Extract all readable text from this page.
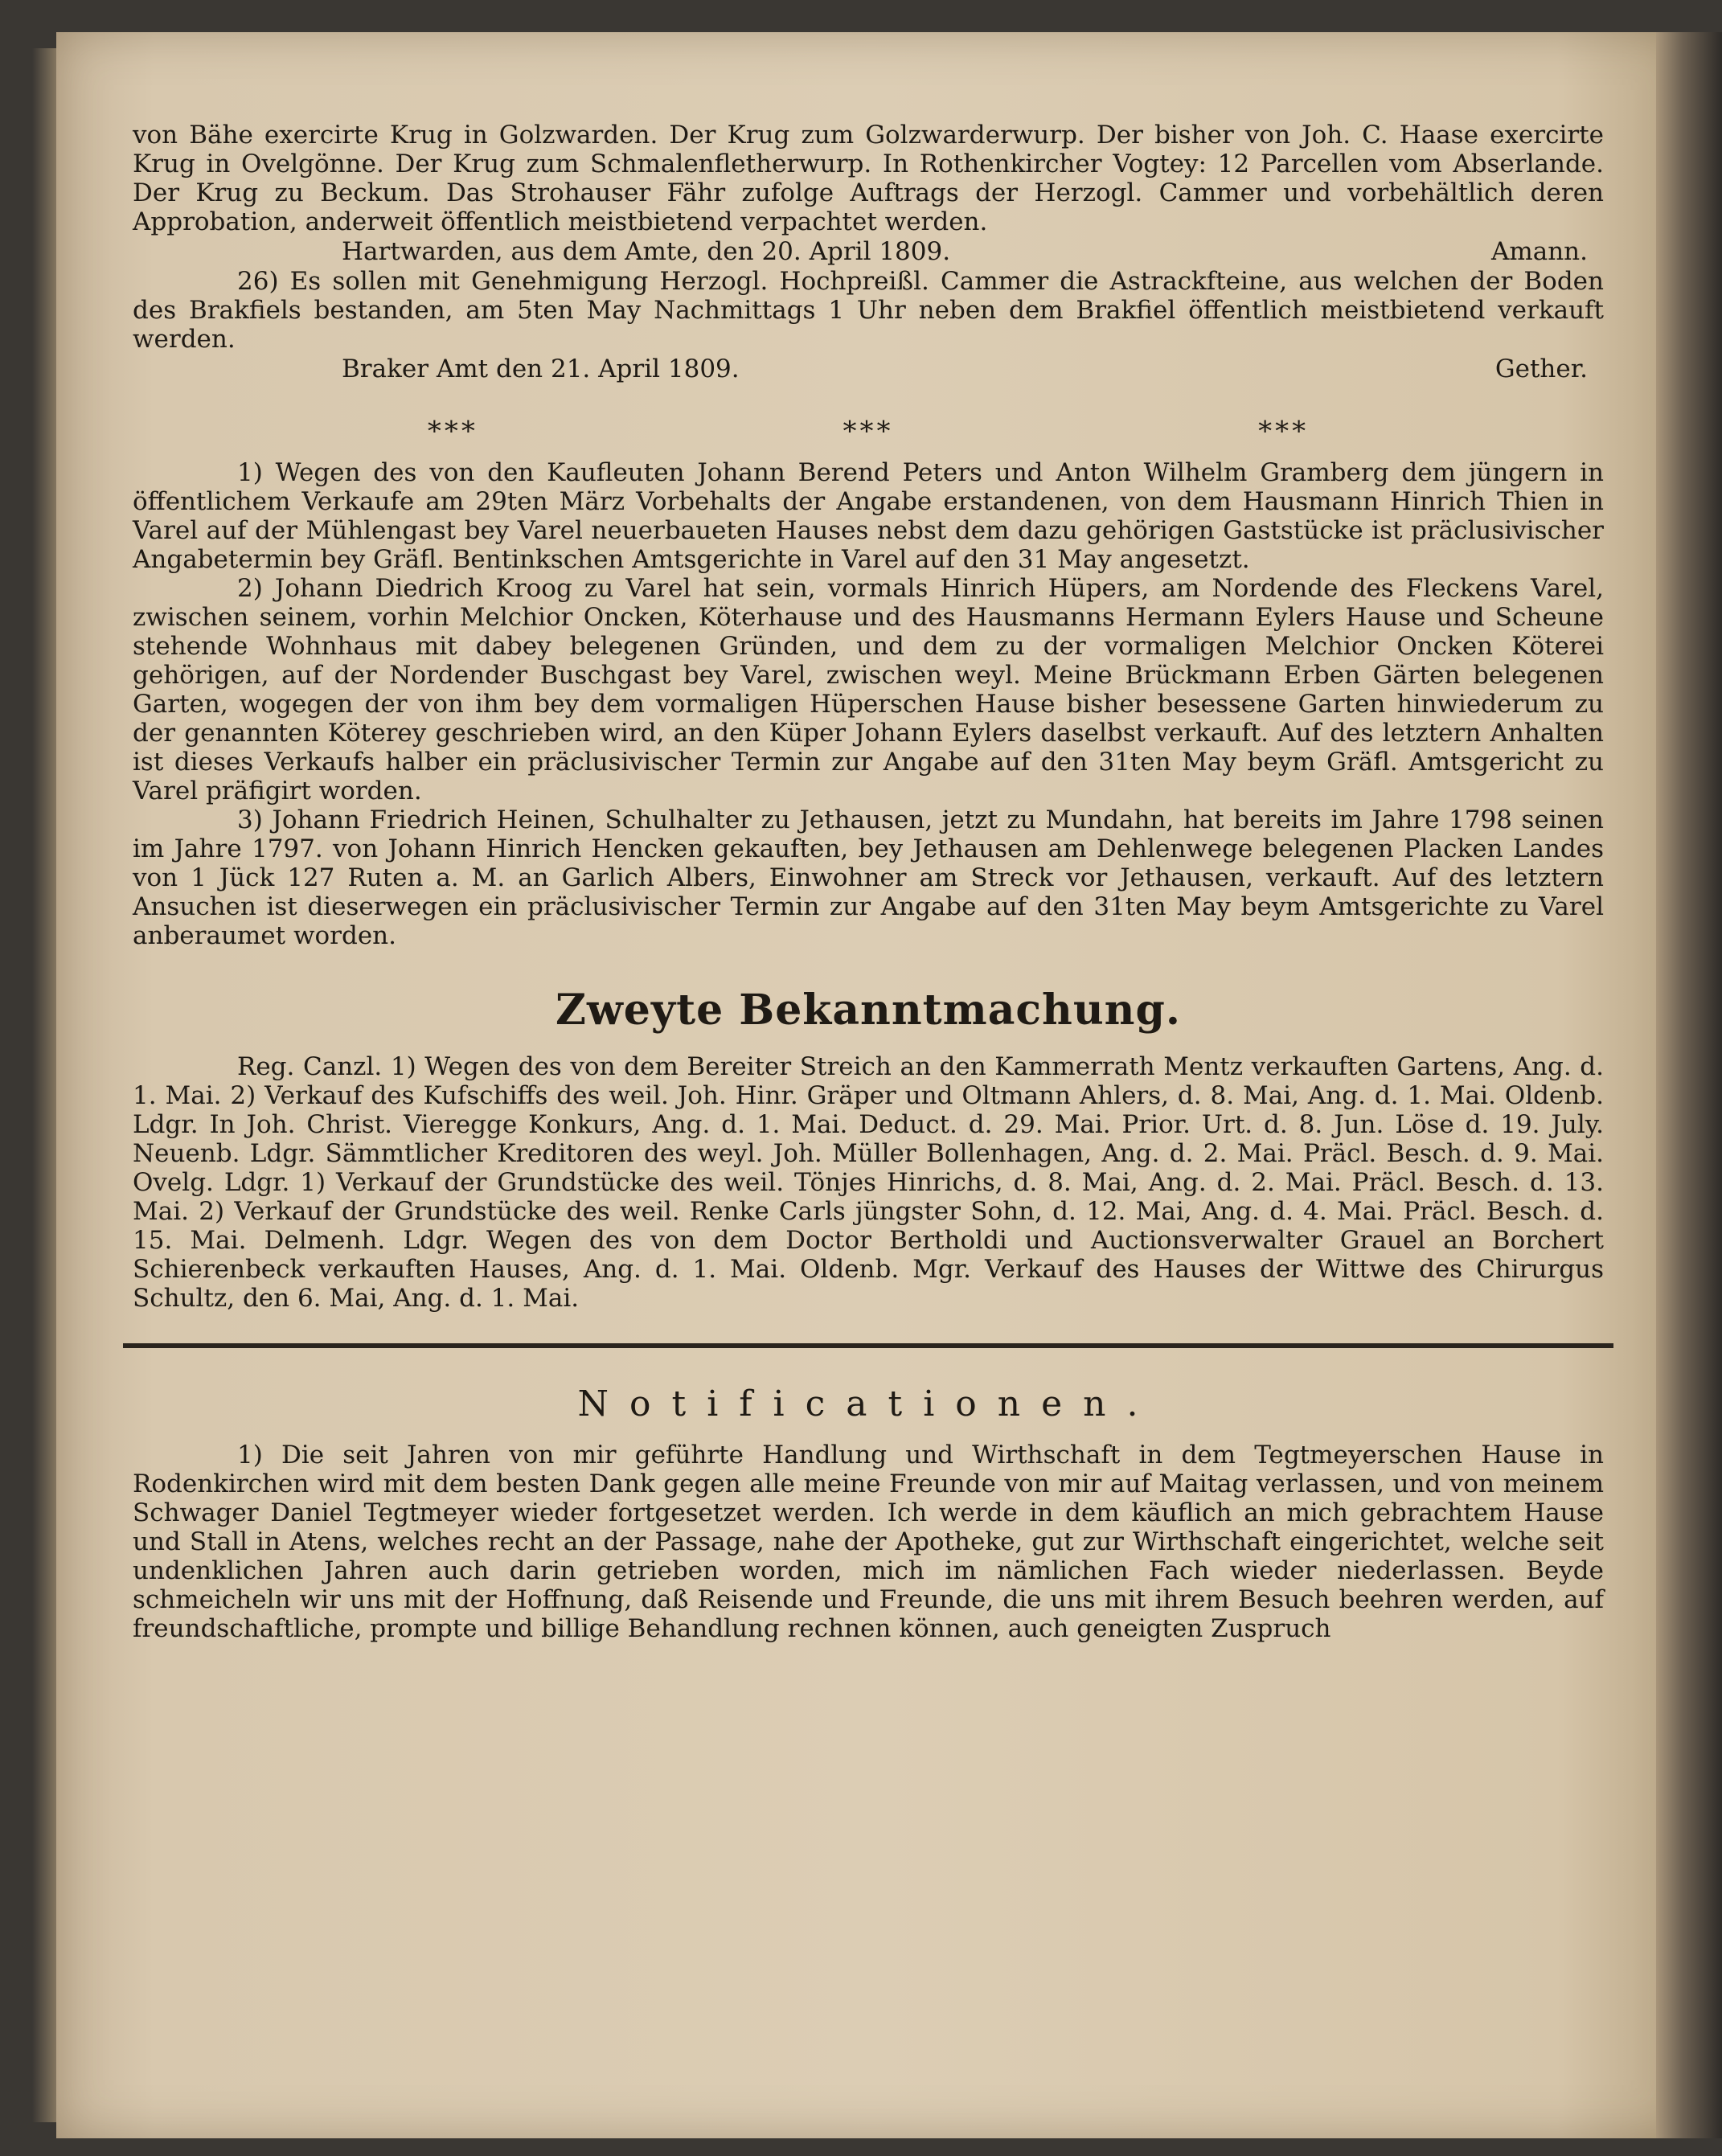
von Bähe exercirte Krug in Golzwarden. Der Krug zum Golzwarderwurp. Der bisher von Joh. C. Haase exercirte Krug in Ovelgönne. Der Krug zum Schmalenfletherwurp. In Rothenkircher Vogtey: 12 Parcellen vom Abserlande. Der Krug zu Beckum. Das Strohauser Fähr zufolge Auftrags der Herzogl. Cammer und vorbehältlich deren Approbation, anderweit öffentlich meistbietend verpachtet werden.

Hartwarden, aus dem Amte, den 20. April 1809.	Amann.

26) Es sollen mit Genehmigung Herzogl. Hochpreißl. Cammer die Astrackfteine, aus welchen der Boden des Brakfiels bestanden, am 5ten May Nachmittags 1 Uhr neben dem Brakfiel öffentlich meistbietend verkauft werden.

Braker Amt den 21. April 1809.	Gether.
⁎⁎⁎	⁎⁎⁎	⁎⁎⁎

1) Wegen des von den Kaufleuten Johann Berend Peters und Anton Wilhelm Gramberg dem jüngern in öffentlichem Verkaufe am 29ten März Vorbehalts der Angabe erstandenen, von dem Hausmann Hinrich Thien in Varel auf der Mühlengast bey Varel neuerbaueten Hauses nebst dem dazu gehörigen Gaststücke ist präclusivischer Angabetermin bey Gräfl. Bentinkschen Amtsgerichte in Varel auf den 31 May angesetzt.

2) Johann Diedrich Kroog zu Varel hat sein, vormals Hinrich Hüpers, am Nordende des Fleckens Varel, zwischen seinem, vorhin Melchior Oncken, Köterhause und des Hausmanns Hermann Eylers Hause und Scheune stehende Wohnhaus mit dabey belegenen Gründen, und dem zu der vormaligen Melchior Oncken Köterei gehörigen, auf der Nordender Buschgast bey Varel, zwischen weyl. Meine Brückmann Erben Gärten belegenen Garten, wogegen der von ihm bey dem vormaligen Hüperschen Hause bisher besessene Garten hinwiederum zu der genannten Köterey geschrieben wird, an den Küper Johann Eylers daselbst verkauft. Auf des letztern Anhalten ist dieses Verkaufs halber ein präclusivischer Termin zur Angabe auf den 31ten May beym Gräfl. Amtsgericht zu Varel präfigirt worden.

3) Johann Friedrich Heinen, Schulhalter zu Jethausen, jetzt zu Mundahn, hat bereits im Jahre 1798 seinen im Jahre 1797. von Johann Hinrich Hencken gekauften, bey Jethausen am Dehlenwege belegenen Placken Landes von 1 Jück 127 Ruten a. M. an Garlich Albers, Einwohner am Streck vor Jethausen, verkauft. Auf des letztern Ansuchen ist dieserwegen ein präclusivischer Termin zur Angabe auf den 31ten May beym Amtsgerichte zu Varel anberaumet worden.

Zweyte Bekanntmachung.

Reg. Canzl. 1) Wegen des von dem Bereiter Streich an den Kammerrath Mentz verkauften Gartens, Ang. d. 1. Mai. 2) Verkauf des Kufschiffs des weil. Joh. Hinr. Gräper und Oltmann Ahlers, d. 8. Mai, Ang. d. 1. Mai. Oldenb. Ldgr. In Joh. Christ. Vieregge Konkurs, Ang. d. 1. Mai. Deduct. d. 29. Mai. Prior. Urt. d. 8. Jun. Löse d. 19. July. Neuenb. Ldgr. Sämmtlicher Kreditoren des weyl. Joh. Müller Bollenhagen, Ang. d. 2. Mai. Präcl. Besch. d. 9. Mai. Ovelg. Ldgr. 1) Verkauf der Grundstücke des weil. Tönjes Hinrichs, d. 8. Mai, Ang. d. 2. Mai. Präcl. Besch. d. 13. Mai. 2) Verkauf der Grundstücke des weil. Renke Carls jüngster Sohn, d. 12. Mai, Ang. d. 4. Mai. Präcl. Besch. d. 15. Mai. Delmenh. Ldgr. Wegen des von dem Doctor Bertholdi und Auctionsverwalter Grauel an Borchert Schierenbeck verkauften Hauses, Ang. d. 1. Mai. Oldenb. Mgr. Verkauf des Hauses der Wittwe des Chirurgus Schultz, den 6. Mai, Ang. d. 1. Mai.

Notificationen.

1) Die seit Jahren von mir geführte Handlung und Wirthschaft in dem Tegtmeyerschen Hause in Rodenkirchen wird mit dem besten Dank gegen alle meine Freunde von mir auf Maitag verlassen, und von meinem Schwager Daniel Tegtmeyer wieder fortgesetzet werden. Ich werde in dem käuflich an mich gebrachtem Hause und Stall in Atens, welches recht an der Passage, nahe der Apotheke, gut zur Wirthschaft eingerichtet, welche seit undenklichen Jahren auch darin getrieben worden, mich im nämlichen Fach wieder niederlassen. Beyde schmeicheln wir uns mit der Hoffnung, daß Reisende und Freunde, die uns mit ihrem Besuch beehren werden, auf freundschaftliche, prompte und billige Behandlung rechnen können, auch geneigten Zuspruch
